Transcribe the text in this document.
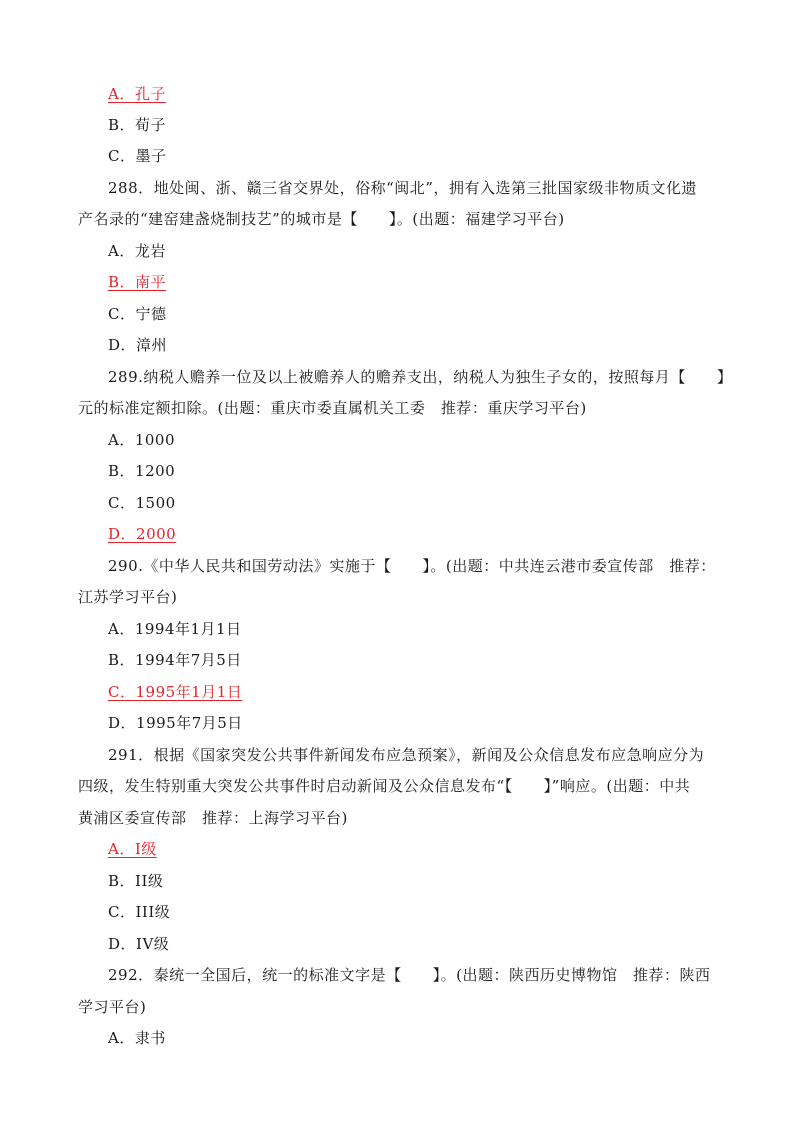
A．孔子
B．荀子
C．墨子
288．地处闽、浙、赣三省交界处，俗称“闽北”，拥有入选第三批国家级非物质文化遗
产名录的“建窑建盏烧制技艺”的城市是【　　】。(出题：福建学习平台)
A．龙岩
B．南平
C．宁德
D．漳州
289.纳税人赡养一位及以上被赡养人的赡养支出，纳税人为独生子女的，按照每月【　　】
元的标准定额扣除。(出题：重庆市委直属机关工委　推荐：重庆学习平台)
A．1000
B．1200
C．1500
D．2000
290.《中华人民共和国劳动法》实施于【　　】。(出题：中共连云港市委宣传部　推荐：
江苏学习平台)
A．1994年1月1日
B．1994年7月5日
C．1995年1月1日
D．1995年7月5日
291．根据《国家突发公共事件新闻发布应急预案》，新闻及公众信息发布应急响应分为
四级，发生特别重大突发公共事件时启动新闻及公众信息发布“【　　】”响应。(出题：中共
黄浦区委宣传部　推荐：上海学习平台)
A．I级
B．II级
C．III级
D．IV级
292．秦统一全国后，统一的标准文字是【　　】。(出题：陕西历史博物馆　推荐：陕西
学习平台)
A．隶书
